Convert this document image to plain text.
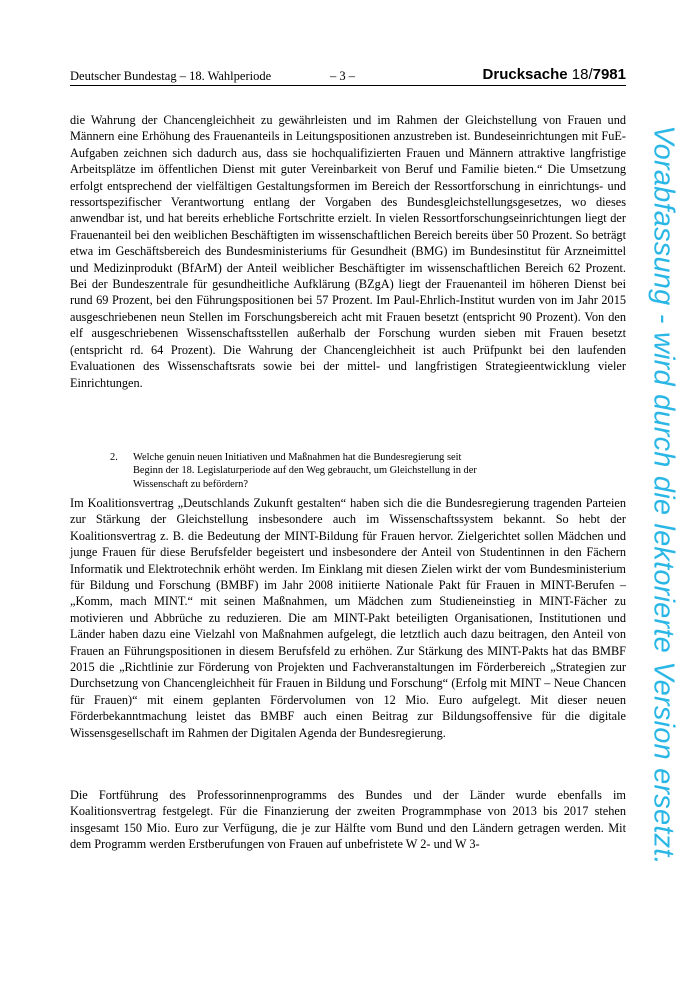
Deutscher Bundestag – 18. Wahlperiode	– 3 –	Drucksache 18/7981

die Wahrung der Chancengleichheit zu gewährleisten und im Rahmen der Gleichstellung von Frauen und Männern eine Erhöhung des Frauenanteils in Leitungspositionen anzustreben ist. Bundeseinrichtungen mit FuE-Aufgaben zeichnen sich dadurch aus, dass sie hochqualifizierten Frauen und Männern attraktive langfristige Arbeitsplätze im öffentlichen Dienst mit guter Vereinbarkeit von Beruf und Familie bieten.“ Die Umsetzung erfolgt entsprechend der vielfältigen Gestaltungsformen im Bereich der Ressortforschung in einrichtungs- und ressortspezifischer Verantwortung entlang der Vorgaben des Bundesgleichstellungsgesetzes, wo dieses anwendbar ist, und hat bereits erhebliche Fortschritte erzielt. In vielen Ressortforschungseinrichtungen liegt der Frauenanteil bei den weiblichen Beschäftigten im wissenschaftlichen Bereich bereits über 50 Prozent. So beträgt etwa im Geschäftsbereich des Bundesministeriums für Gesundheit (BMG) im Bundesinstitut für Arzneimittel und Medizinprodukt (BfArM) der Anteil weiblicher Beschäftigter im wissenschaftlichen Bereich 62 Prozent. Bei der Bundeszentrale für gesundheitliche Aufklärung (BZgA) liegt der Frauenanteil im höheren Dienst bei rund 69 Prozent, bei den Führungspositionen bei 57 Prozent. Im Paul-Ehrlich-Institut wurden von im Jahr 2015 ausgeschriebenen neun Stellen im Forschungsbereich acht mit Frauen besetzt (entspricht 90 Prozent). Von den elf ausgeschriebenen Wissenschaftsstellen außerhalb der Forschung wurden sieben mit Frauen besetzt (entspricht rd. 64 Prozent). Die Wahrung der Chancengleichheit ist auch Prüfpunkt bei den laufenden Evaluationen des Wissenschaftsrats sowie bei der mittel- und langfristigen Strategieentwicklung vieler Einrichtungen.

2. Welche genuin neuen Initiativen und Maßnahmen hat die Bundesregierung seit Beginn der 18. Legislaturperiode auf den Weg gebraucht, um Gleichstellung in der Wissenschaft zu befördern?

Im Koalitionsvertrag „Deutschlands Zukunft gestalten“ haben sich die die Bundesregierung tragenden Parteien zur Stärkung der Gleichstellung insbesondere auch im Wissenschaftssystem bekannt. So hebt der Koalitionsvertrag z. B. die Bedeutung der MINT-Bildung für Frauen hervor. Zielgerichtet sollen Mädchen und junge Frauen für diese Berufsfelder begeistert und insbesondere der Anteil von Studentinnen in den Fächern Informatik und Elektrotechnik erhöht werden. Im Einklang mit diesen Zielen wirkt der vom Bundesministerium für Bildung und Forschung (BMBF) im Jahr 2008 initiierte Nationale Pakt für Frauen in MINT-Berufen – „Komm, mach MINT.“ mit seinen Maßnahmen, um Mädchen zum Studieneinstieg in MINT-Fächer zu motivieren und Abbrüche zu reduzieren. Die am MINT-Pakt beteiligten Organisationen, Institutionen und Länder haben dazu eine Vielzahl von Maßnahmen aufgelegt, die letztlich auch dazu beitragen, den Anteil von Frauen an Führungspositionen in diesem Berufsfeld zu erhöhen. Zur Stärkung des MINT-Pakts hat das BMBF 2015 die „Richtlinie zur Förderung von Projekten und Fachveranstaltungen im Förderbereich „Strategien zur Durchsetzung von Chancengleichheit für Frauen in Bildung und Forschung“ (Erfolg mit MINT – Neue Chancen für Frauen)“ mit einem geplanten Fördervolumen von 12 Mio. Euro aufgelegt. Mit dieser neuen Förderbekanntmachung leistet das BMBF auch einen Beitrag zur Bildungsoffensive für die digitale Wissensgesellschaft im Rahmen der Digitalen Agenda der Bundesregierung.

Die Fortführung des Professorinnenprogramms des Bundes und der Länder wurde ebenfalls im Koalitionsvertrag festgelegt. Für die Finanzierung der zweiten Programmphase von 2013 bis 2017 stehen insgesamt 150 Mio. Euro zur Verfügung, die je zur Hälfte vom Bund und den Ländern getragen werden. Mit dem Programm werden Erstberufungen von Frauen auf unbefristete W 2- und W 3-	Vorabfassung - wird durch die lektorierte Version ersetzt.
